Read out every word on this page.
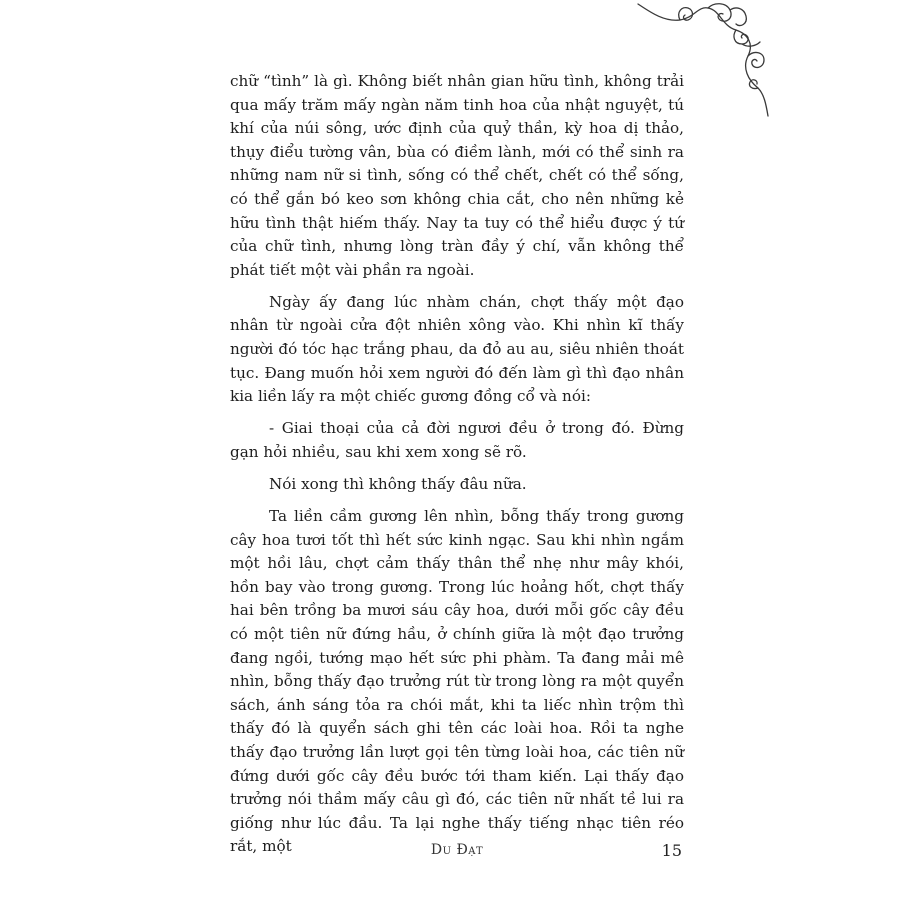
chữ “tình” là gì. Không biết nhân gian hữu tình, không trải qua mấy trăm mấy ngàn năm tinh hoa của nhật nguyệt, tú khí của núi sông, ước định của quỷ thần, kỳ hoa dị thảo, thụy điểu tường vân, bùa có điềm lành, mới có thể sinh ra những nam nữ si tình, sống có thể chết, chết có thể sống, có thể gắn bó keo sơn không chia cắt, cho nên những kẻ hữu tình thật hiếm thấy. Nay ta tuy có thể hiểu được ý tứ của chữ tình, nhưng lòng tràn đầy ý chí, vẫn không thể phát tiết một vài phần ra ngoài.

Ngày ấy đang lúc nhàm chán, chợt thấy một đạo nhân từ ngoài cửa đột nhiên xông vào. Khi nhìn kĩ thấy người đó tóc hạc trắng phau, da đỏ au au, siêu nhiên thoát tục. Đang muốn hỏi xem người đó đến làm gì thì đạo nhân kia liền lấy ra một chiếc gương đồng cổ và nói:

- Giai thoại của cả đời ngươi đều ở trong đó. Đừng gạn hỏi nhiều, sau khi xem xong sẽ rõ.

Nói xong thì không thấy đâu nữa.

Ta liền cầm gương lên nhìn, bỗng thấy trong gương cây hoa tươi tốt thì hết sức kinh ngạc. Sau khi nhìn ngắm một hồi lâu, chợt cảm thấy thân thể nhẹ như mây khói, hồn bay vào trong gương. Trong lúc hoảng hốt, chợt thấy hai bên trồng ba mươi sáu cây hoa, dưới mỗi gốc cây đều có một tiên nữ đứng hầu, ở chính giữa là một đạo trưởng đang ngồi, tướng mạo hết sức phi phàm. Ta đang mải mê nhìn, bỗng thấy đạo trưởng rút từ trong lòng ra một quyển sách, ánh sáng tỏa ra chói mắt, khi ta liếc nhìn trộm thì thấy đó là quyển sách ghi tên các loài hoa. Rồi ta nghe thấy đạo trưởng lần lượt gọi tên từng loài hoa, các tiên nữ đứng dưới gốc cây đều bước tới tham kiến. Lại thấy đạo trưởng nói thầm mấy câu gì đó, các tiên nữ nhất tề lui ra giống như lúc đầu. Ta lại nghe thấy tiếng nhạc tiên réo rắt, một	Du Đạt	15
